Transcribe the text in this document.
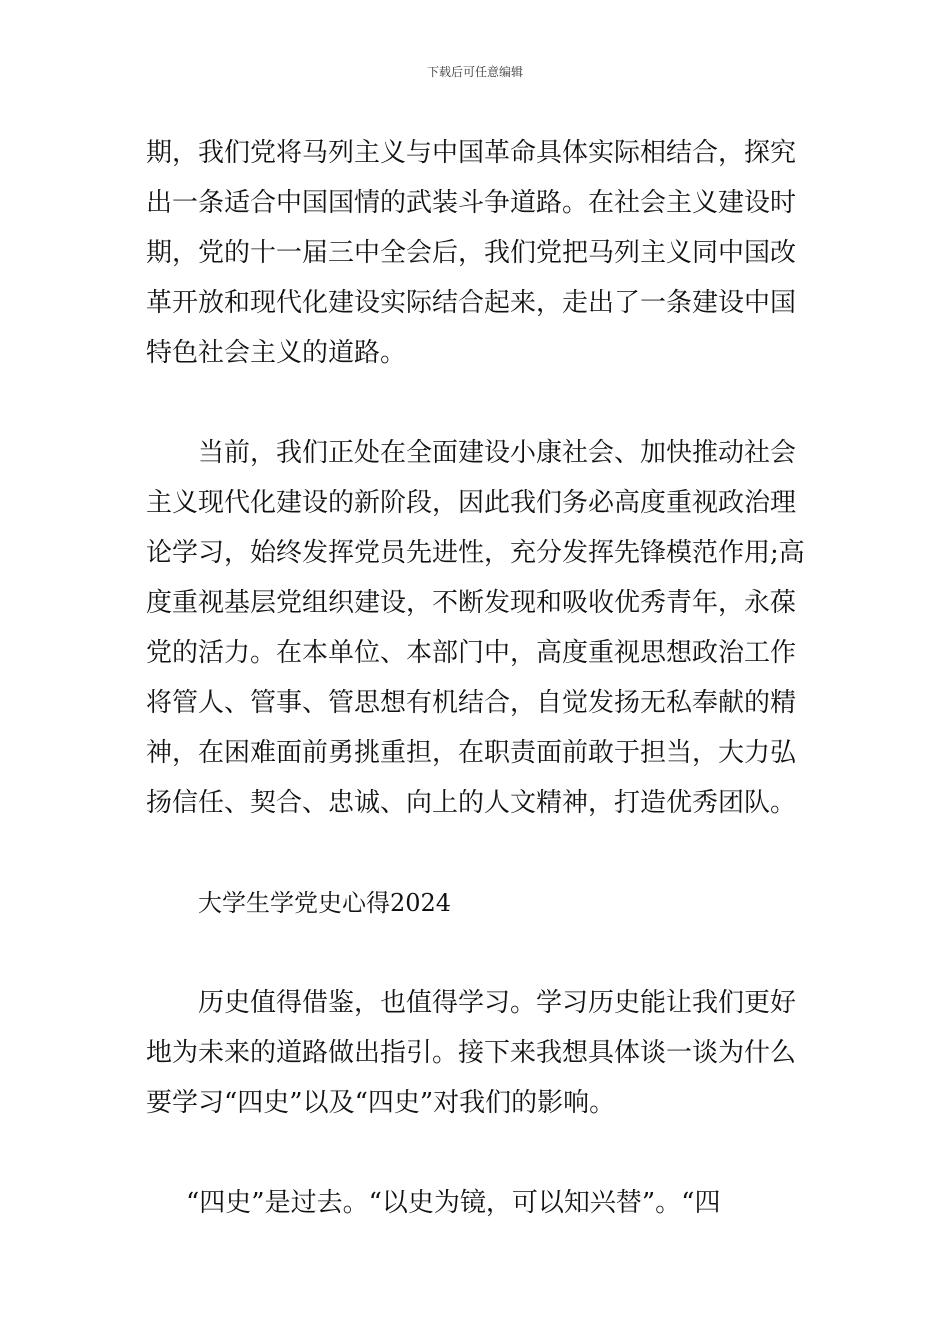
下载后可任意编辑
期，我们党将马列主义与中国革命具体实际相结合，探究
出一条适合中国国情的武装斗争道路。在社会主义建设时
期，党的十一届三中全会后，我们党把马列主义同中国改
革开放和现代化建设实际结合起来，走出了一条建设中国
特色社会主义的道路。
当前，我们正处在全面建设小康社会、加快推动社会
主义现代化建设的新阶段，因此我们务必高度重视政治理
论学习，始终发挥党员先进性，充分发挥先锋模范作用;高
度重视基层党组织建设，不断发现和吸收优秀青年，永葆
党的活力。在本单位、本部门中，高度重视思想政治工作
将管人、管事、管思想有机结合，自觉发扬无私奉献的精
神，在困难面前勇挑重担，在职责面前敢于担当，大力弘
扬信任、契合、忠诚、向上的人文精神，打造优秀团队。
大学生学党史心得2024
历史值得借鉴，也值得学习。学习历史能让我们更好
地为未来的道路做出指引。接下来我想具体谈一谈为什么
要学习“四史”以及“四史”对我们的影响。
“四史”是过去。“以史为镜，可以知兴替”。“四
